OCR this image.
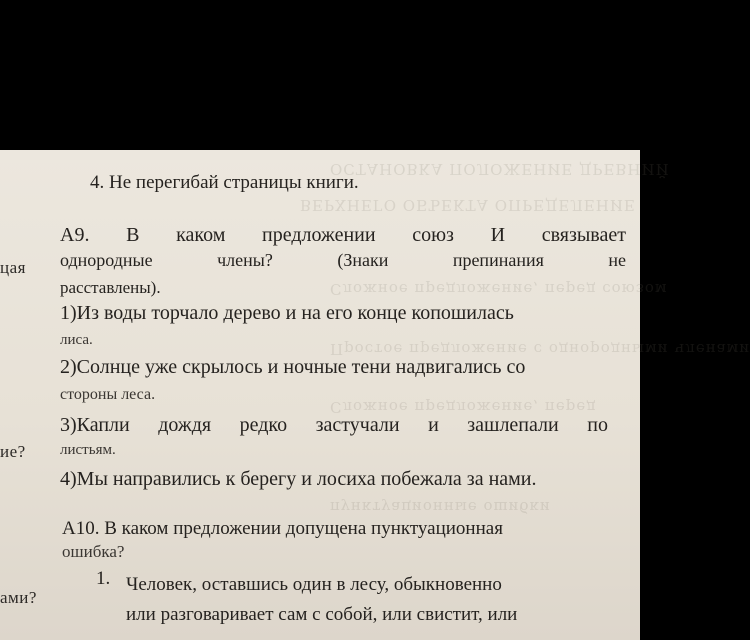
ОСТАНОВКА ПОЛОЖЕНИЕ ДРЕВНИЙ
ВЕРХНЕГО ОБЪЕКТА ОПРЕДЕЛЕНИЕ
Сложное предложение, перед союзом
Простое предложение с однородными членами
Сложное предложение, перед
пунктуационные ошибки
цая
ие?
ами?
4. Не перегибай страницы книги.
А9. В каком предложении союз И связывает
однородные	члены?	(Знаки	препинания	не
расставлены).
1)Из воды торчало дерево и на его конце копошилась
лиса.
2)Солнце уже скрылось и ночные тени надвигались со
стороны леса.
3)Капли дождя редко застучали и зашлепали по
листьям.
4)Мы направились к берегу и лосиха побежала за нами.
А10. В каком предложении допущена пунктуационная
ошибка?
1. Человек, оставшись один в лесу, обыкновенно
или разговаривает сам с собой, или свистит, или
